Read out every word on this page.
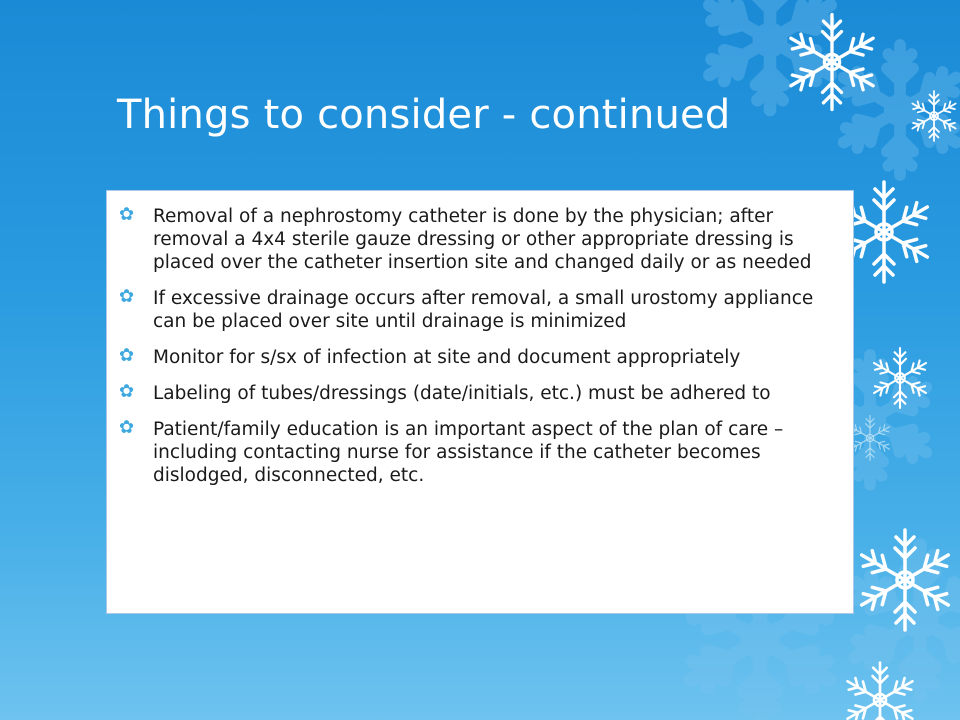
Things to consider - continued
✿ Removal of a nephrostomy catheter is done by the physician; after removal a 4x4 sterile gauze dressing or other appropriate dressing is placed over the catheter insertion site and changed daily or as needed
✿ If excessive drainage occurs after removal, a small urostomy appliance can be placed over site until drainage is minimized
✿ Monitor for s/sx of infection at site and document appropriately
✿ Labeling of tubes/dressings (date/initials, etc.) must be adhered to
✿ Patient/family education is an important aspect of the plan of care – including contacting nurse for assistance if the catheter becomes dislodged, disconnected, etc.
